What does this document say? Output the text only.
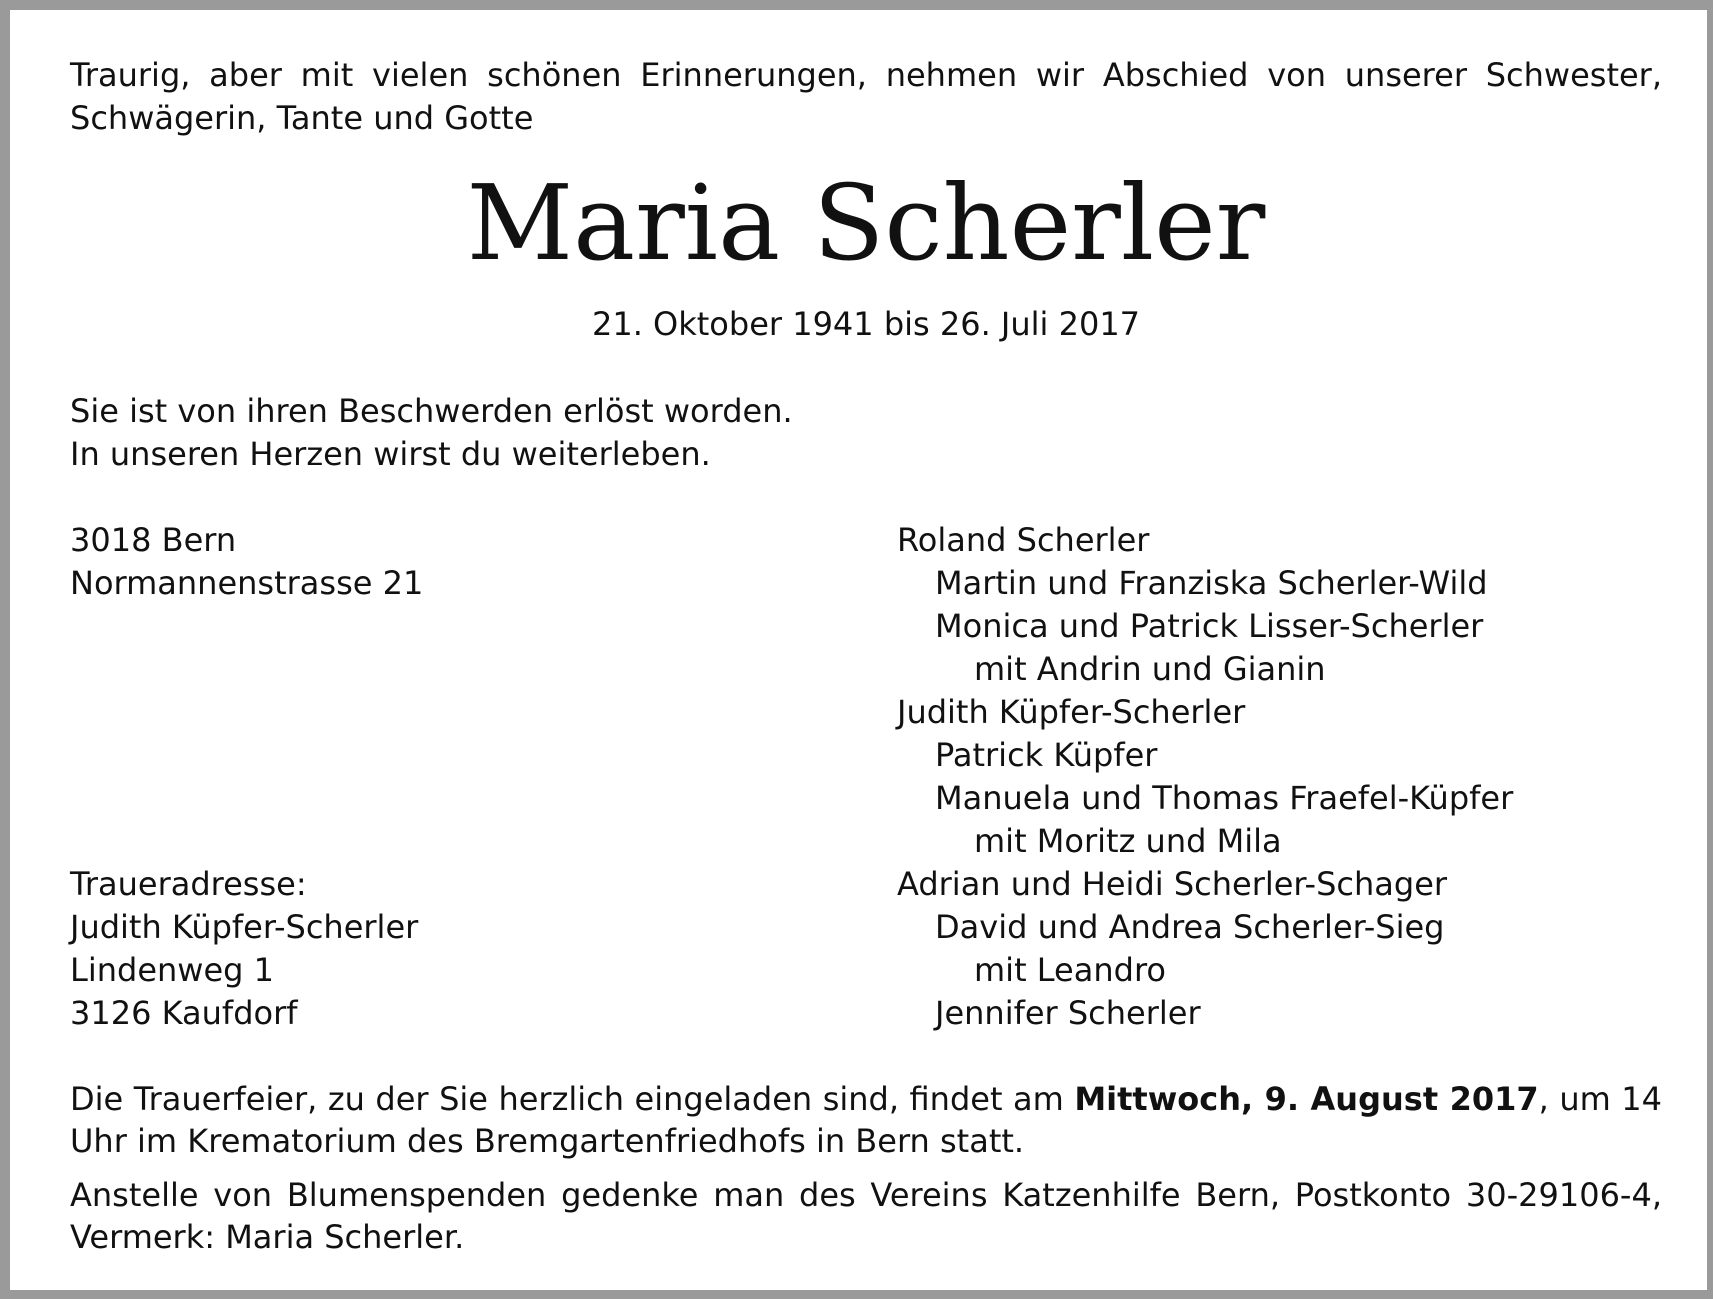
Traurig, aber mit vielen schönen Erinnerungen, nehmen wir Abschied von unserer Schwester, Schwägerin, Tante und Gotte

Maria Scherler
21. Oktober 1941 bis 26. Juli 2017
Sie ist von ihren Beschwerden erlöst worden.
In unseren Herzen wirst du weiterleben.
3018 Bern
Normannenstrasse 21
Traueradresse:
Judith Küpfer-Scherler
Lindenweg 1
3126 Kaufdorf
Roland Scherler
Martin und Franziska Scherler-Wild
Monica und Patrick Lisser-Scherler
mit Andrin und Gianin
Judith Küpfer-Scherler
Patrick Küpfer
Manuela und Thomas Fraefel-Küpfer
mit Moritz und Mila
Adrian und Heidi Scherler-Schager
David und Andrea Scherler-Sieg
mit Leandro
Jennifer Scherler

Die Trauerfeier, zu der Sie herzlich eingeladen sind, findet am Mittwoch, 9. August 2017, um 14 Uhr im Krematorium des Bremgartenfriedhofs in Bern statt.

Anstelle von Blumenspenden gedenke man des Vereins Katzenhilfe Bern, Postkonto 30-29106-4, Vermerk: Maria Scherler.
